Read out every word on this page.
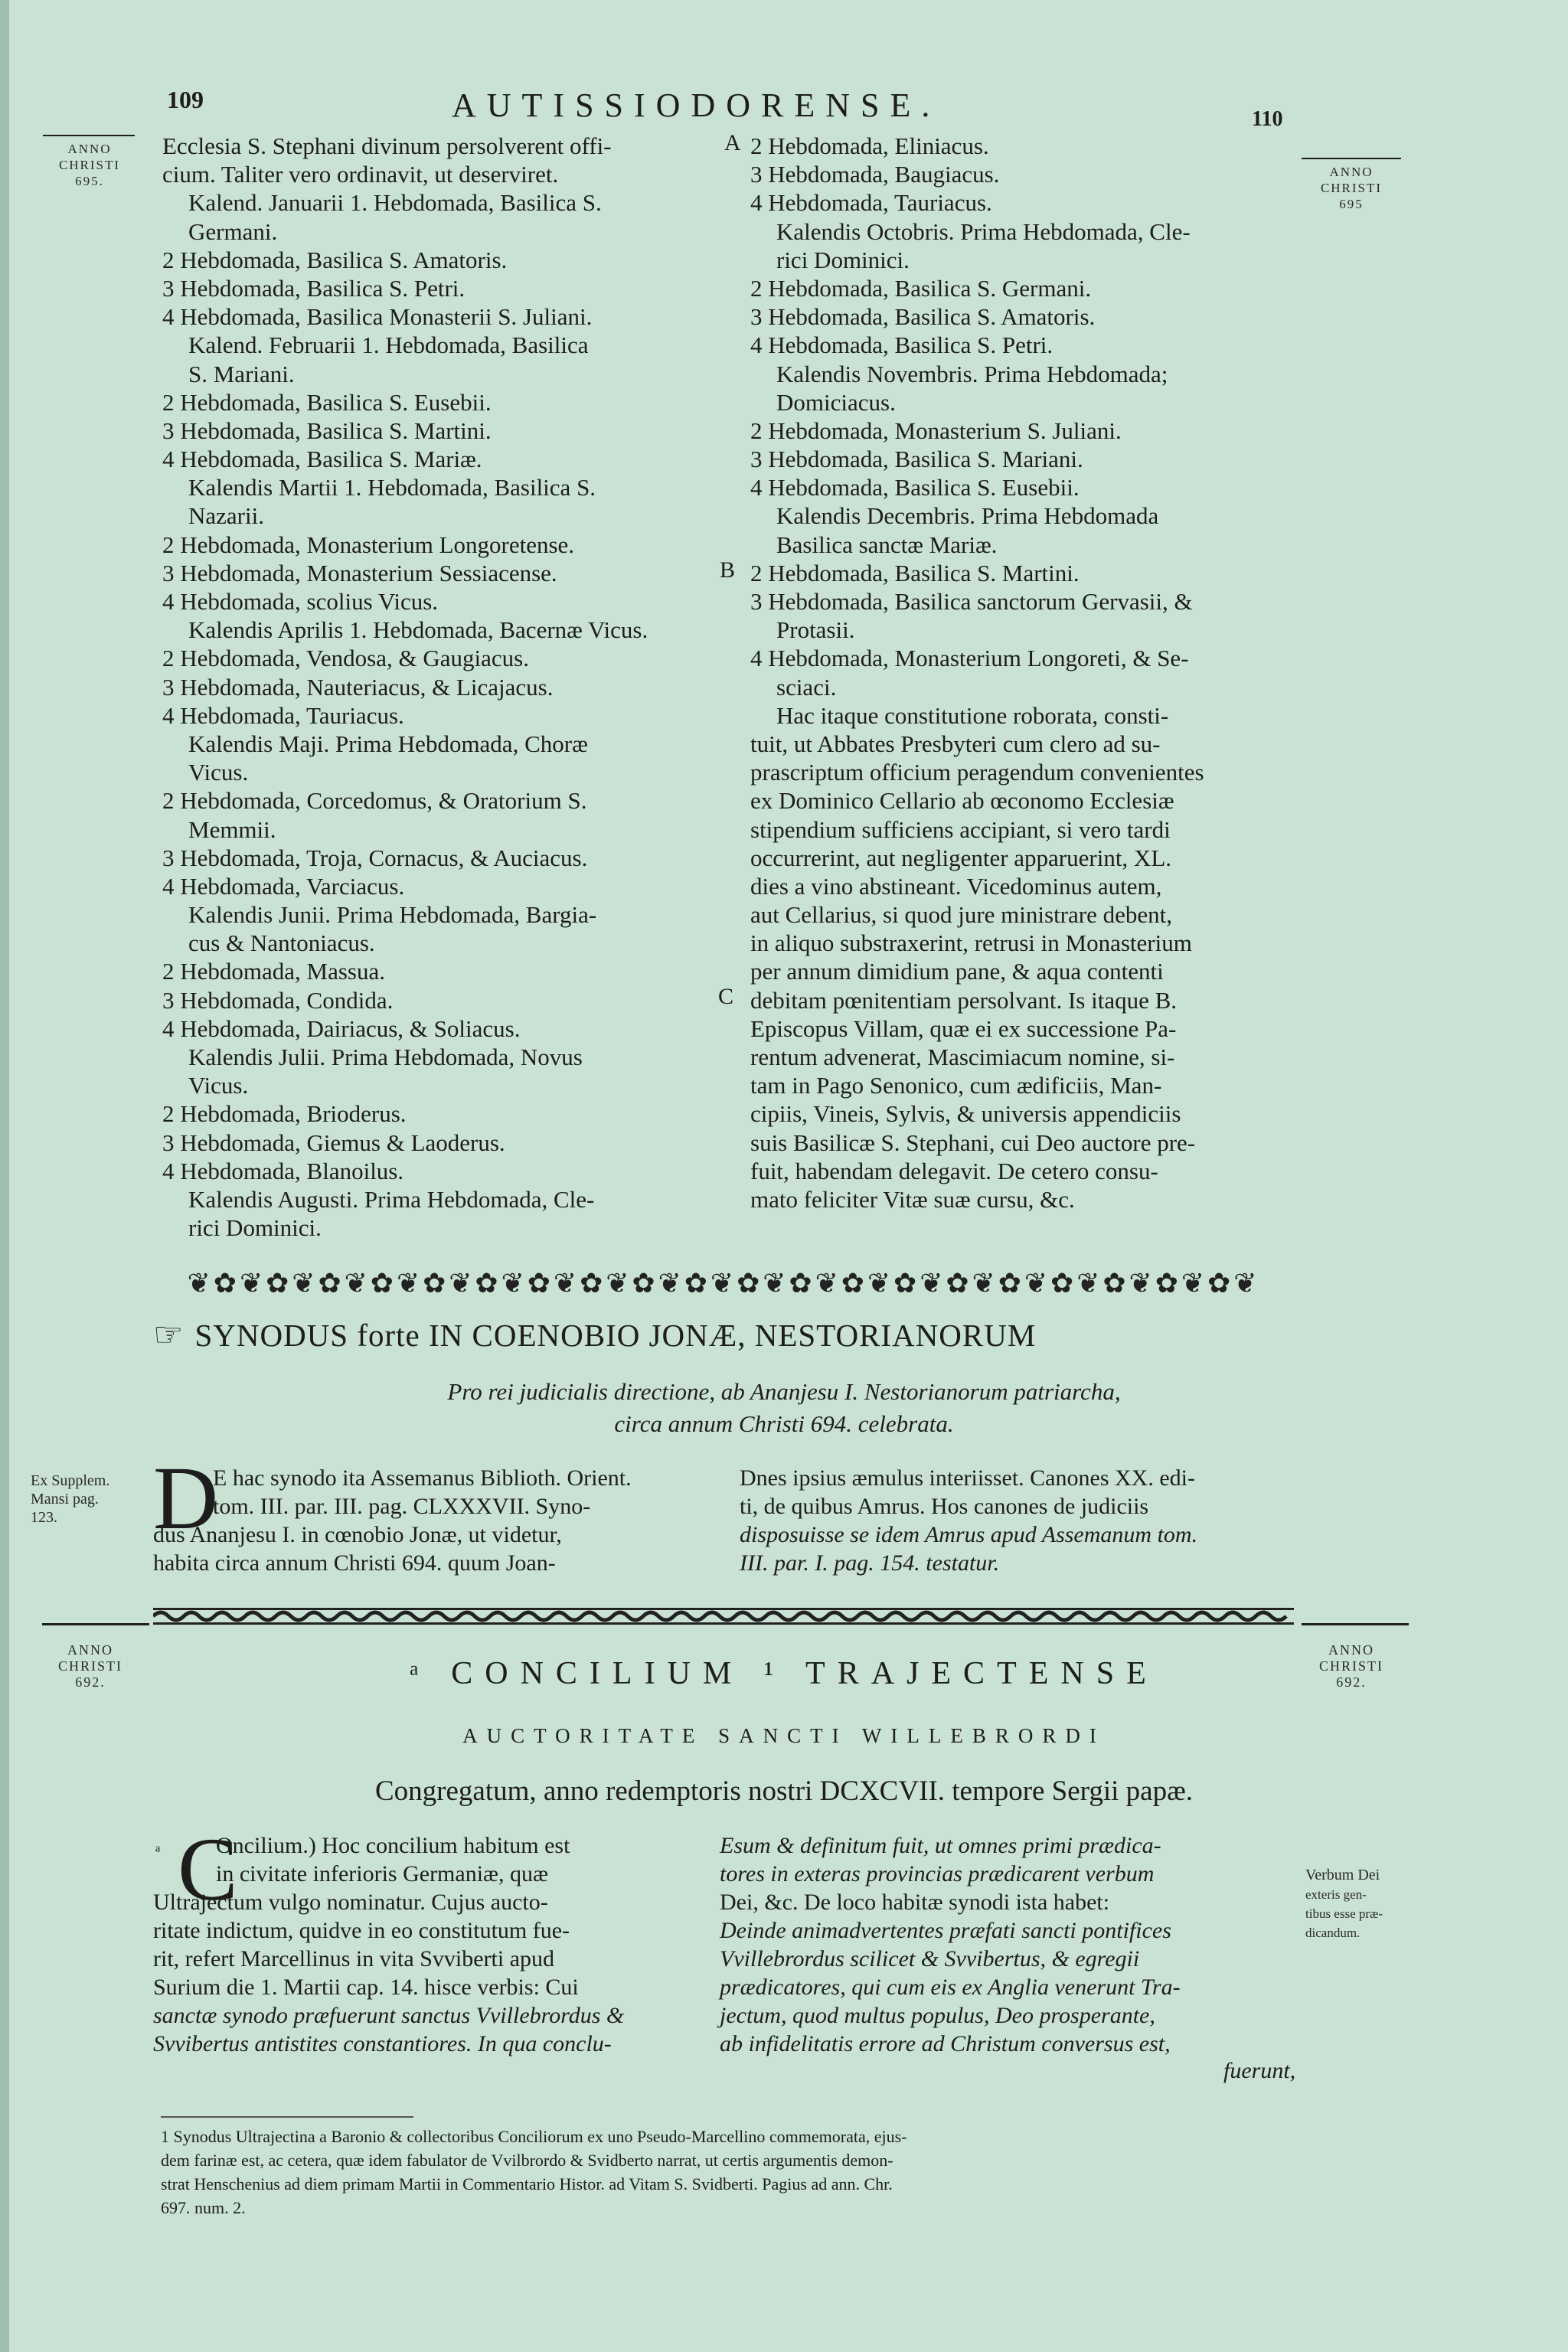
109	AUTISSIODORENSE.	110
ANNO
CHRISTI
695.
ANNO
CHRISTI
695
Ecclesia S. Stephani divinum persolverent offi-
cium. Taliter vero ordinavit, ut deserviret.
Kalend. Januarii 1. Hebdomada, Basilica S.
Germani.
2 Hebdomada, Basilica S. Amatoris.
3 Hebdomada, Basilica S. Petri.
4 Hebdomada, Basilica Monasterii S. Juliani.
Kalend. Februarii 1. Hebdomada, Basilica
S. Mariani.
2 Hebdomada, Basilica S. Eusebii.
3 Hebdomada, Basilica S. Martini.
4 Hebdomada, Basilica S. Mariæ.
Kalendis Martii 1. Hebdomada, Basilica S.
Nazarii.
2 Hebdomada, Monasterium Longoretense.
3 Hebdomada, Monasterium Sessiacense.
4 Hebdomada, scolius Vicus.
Kalendis Aprilis 1. Hebdomada, Bacernæ Vicus.
2 Hebdomada, Vendosa, & Gaugiacus.
3 Hebdomada, Nauteriacus, & Licajacus.
4 Hebdomada, Tauriacus.
Kalendis Maji. Prima Hebdomada, Choræ
Vicus.
2 Hebdomada, Corcedomus, & Oratorium S.
Memmii.
3 Hebdomada, Troja, Cornacus, & Auciacus.
4 Hebdomada, Varciacus.
Kalendis Junii. Prima Hebdomada, Bargia-
cus & Nantoniacus.
2 Hebdomada, Massua.
3 Hebdomada, Condida.
4 Hebdomada, Dairiacus, & Soliacus.
Kalendis Julii. Prima Hebdomada, Novus
Vicus.
2 Hebdomada, Brioderus.
3 Hebdomada, Giemus & Laoderus.
4 Hebdomada, Blanoilus.
Kalendis Augusti. Prima Hebdomada, Cle-
rici Dominici.
2 Hebdomada, Eliniacus.
3 Hebdomada, Baugiacus.
4 Hebdomada, Tauriacus.
Kalendis Octobris. Prima Hebdomada, Cle-
rici Dominici.
2 Hebdomada, Basilica S. Germani.
3 Hebdomada, Basilica S. Amatoris.
4 Hebdomada, Basilica S. Petri.
Kalendis Novembris. Prima Hebdomada;
Domiciacus.
2 Hebdomada, Monasterium S. Juliani.
3 Hebdomada, Basilica S. Mariani.
4 Hebdomada, Basilica S. Eusebii.
Kalendis Decembris. Prima Hebdomada
Basilica sanctæ Mariæ.
2 Hebdomada, Basilica S. Martini.
3 Hebdomada, Basilica sanctorum Gervasii, &
Protasii.
4 Hebdomada, Monasterium Longoreti, & Se-
sciaci.
Hac itaque constitutione roborata, consti-
tuit, ut Abbates Presbyteri cum clero ad su-
prascriptum officium peragendum convenientes
ex Dominico Cellario ab œconomo Ecclesiæ
stipendium sufficiens accipiant, si vero tardi
occurrerint, aut negligenter apparuerint, XL.
dies a vino abstineant. Vicedominus autem,
aut Cellarius, si quod jure ministrare debent,
in aliquo substraxerint, retrusi in Monasterium
per annum dimidium pane, & aqua contenti
debitam pœnitentiam persolvant. Is itaque B.
Episcopus Villam, quæ ei ex successione Pa-
rentum advenerat, Mascimiacum nomine, si-
tam in Pago Senonico, cum ædificiis, Man-
cipiis, Vineis, Sylvis, & universis appendiciis
suis Basilicæ S. Stephani, cui Deo auctore pre-
fuit, habendam delegavit. De cetero consu-
mato feliciter Vitæ suæ cursu, &c.
A
B
C
❦✿❦✿❦✿❦✿❦✿❦✿❦✿❦✿❦✿❦✿❦✿❦✿❦✿❦✿❦✿❦✿❦✿❦✿❦✿❦✿❦
☞ SYNODUS forte IN COENOBIO JONÆ, NESTORIANORUM
Pro rei judicialis directione, ab Ananjesu I. Nestorianorum patriarcha,
circa annum Christi 694. celebrata.
Ex Supplem.
Mansi pag.
123.	D
E hac synodo ita Assemanus Biblioth. Orient.
tom. III. par. III. pag. CLXXXVII. Syno-
dus Ananjesu I. in cœnobio Jonæ, ut videtur,
habita circa annum Christi 694. quum Joan-
Dnes ipsius æmulus interiisset. Canones XX. edi-
ti, de quibus Amrus. Hos canones de judiciis
disposuisse se idem Amrus apud Assemanum tom.
III. par. I. pag. 154. testatur.
ANNO
CHRISTI
692.
ANNO
CHRISTI
692.
ᵃ CONCILIUM ¹ TRAJECTENSE
AUCTORITATE SANCTI WILLEBRORDI
Congregatum, anno redemptoris nostri DCXCVII. tempore Sergii papæ.
ᵃ C
Oncilium.) Hoc concilium habitum est
in civitate inferioris Germaniæ, quæ
Ultrajectum vulgo nominatur. Cujus aucto-
ritate indictum, quidve in eo constitutum fue-
rit, refert Marcellinus in vita Svviberti apud
Surium die 1. Martii cap. 14. hisce verbis: Cui
sanctæ synodo præfuerunt sanctus Vvillebrordus &
Svvibertus antistites constantiores. In qua conclu-
Esum & definitum fuit, ut omnes primi prædica-
tores in exteras provincias prædicarent verbum
Dei, &c. De loco habitæ synodi ista habet:
Deinde animadvertentes præfati sancti pontifices
Vvillebrordus scilicet & Svvibertus, & egregii
prædicatores, qui cum eis ex Anglia venerunt Tra-
jectum, quod multus populus, Deo prosperante,
ab infidelitatis errore ad Christum conversus est,
fuerunt,
Verbum Dei
exteris gen-
tibus esse præ-
dicandum.
1 Synodus Ultrajectina a Baronio & collectoribus Conciliorum ex uno Pseudo-Marcellino commemorata, ejus-
dem farinæ est, ac cetera, quæ idem fabulator de Vvilbrordo & Svidberto narrat, ut certis argumentis demon-
strat Henschenius ad diem primam Martii in Commentario Histor. ad Vitam S. Svidberti. Pagius ad ann. Chr.
697. num. 2.
